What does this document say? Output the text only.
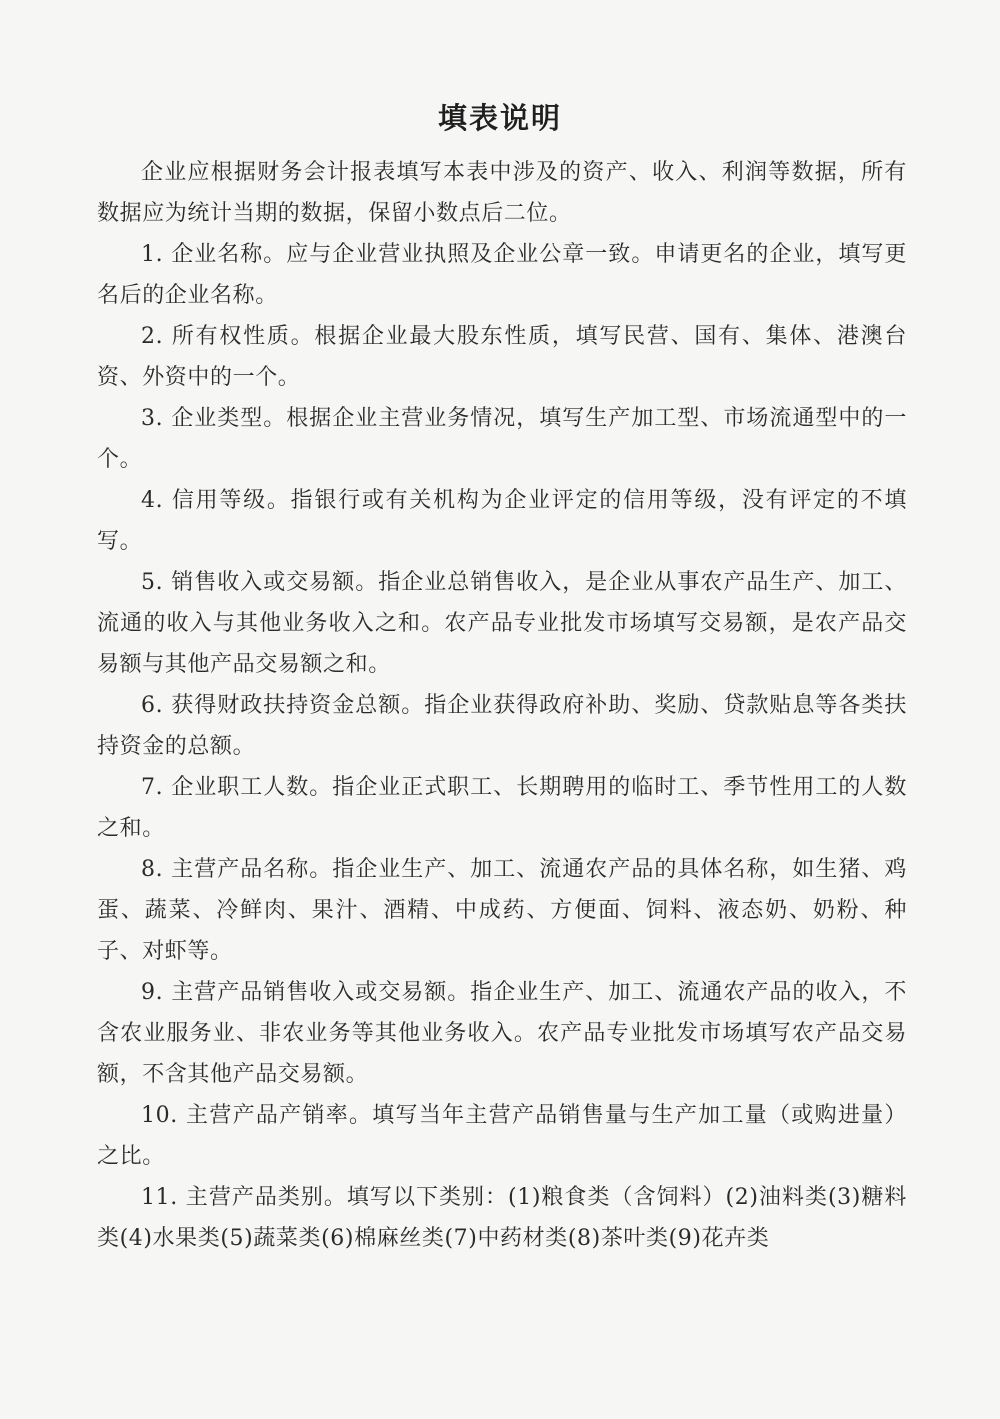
填表说明

企业应根据财务会计报表填写本表中涉及的资产、收入、利润等数据，所有数据应为统计当期的数据，保留小数点后二位。

1. 企业名称。应与企业营业执照及企业公章一致。申请更名的企业，填写更名后的企业名称。

2. 所有权性质。根据企业最大股东性质，填写民营、国有、集体、港澳台资、外资中的一个。

3. 企业类型。根据企业主营业务情况，填写生产加工型、市场流通型中的一个。

4. 信用等级。指银行或有关机构为企业评定的信用等级，没有评定的不填写。

5. 销售收入或交易额。指企业总销售收入，是企业从事农产品生产、加工、流通的收入与其他业务收入之和。农产品专业批发市场填写交易额，是农产品交易额与其他产品交易额之和。

6. 获得财政扶持资金总额。指企业获得政府补助、奖励、贷款贴息等各类扶持资金的总额。

7. 企业职工人数。指企业正式职工、长期聘用的临时工、季节性用工的人数之和。

8. 主营产品名称。指企业生产、加工、流通农产品的具体名称，如生猪、鸡蛋、蔬菜、冷鲜肉、果汁、酒精、中成药、方便面、饲料、液态奶、奶粉、种子、对虾等。

9. 主营产品销售收入或交易额。指企业生产、加工、流通农产品的收入，不含农业服务业、非农业务等其他业务收入。农产品专业批发市场填写农产品交易额，不含其他产品交易额。

10. 主营产品产销率。填写当年主营产品销售量与生产加工量（或购进量）之比。

11. 主营产品类别。填写以下类别：(1)粮食类（含饲料）(2)油料类(3)糖料类(4)水果类(5)蔬菜类(6)棉麻丝类(7)中药材类(8)茶叶类(9)花卉类
